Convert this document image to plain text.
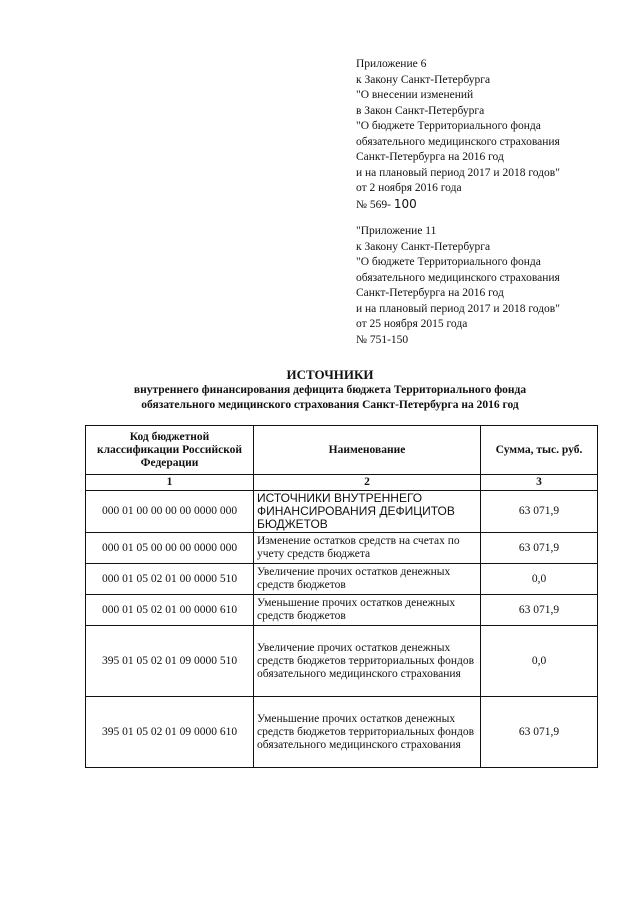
Приложение 6
к Закону Санкт-Петербурга
"О внесении изменений
в Закон Санкт-Петербурга
"О бюджете Территориального фонда
обязательного медицинского страхования
Санкт-Петербурга на 2016 год
и на плановый период 2017 и 2018 годов"
от 2 ноября 2016 года
№ 569- 100
"Приложение 11
к Закону Санкт-Петербурга
"О бюджете Территориального фонда
обязательного медицинского страхования
Санкт-Петербурга на 2016 год
и на плановый период 2017 и 2018 годов"
от 25 ноября 2015 года
№ 751-150
ИСТОЧНИКИ
внутреннего финансирования дефицита бюджета Территориального фонда
обязательного медицинского страхования Санкт-Петербурга на 2016 год
Код бюджетной классификации Российской Федерации	Наименование	Сумма, тыс. руб.
1	2	3
000 01 00 00 00 00 0000 000	ИСТОЧНИКИ ВНУТРЕННЕГО ФИНАНСИРОВАНИЯ ДЕФИЦИТОВ БЮДЖЕТОВ	63 071,9
000 01 05 00 00 00 0000 000	Изменение остатков средств на счетах по учету средств бюджета	63 071,9
000 01 05 02 01 00 0000 510	Увеличение прочих остатков денежных средств бюджетов	0,0
000 01 05 02 01 00 0000 610	Уменьшение прочих остатков денежных средств бюджетов	63 071,9
395 01 05 02 01 09 0000 510	Увеличение прочих остатков денежных средств бюджетов территориальных фондов обязательного медицинского страхования	0,0
395 01 05 02 01 09 0000 610	Уменьшение прочих остатков денежных средств бюджетов территориальных фондов обязательного медицинского страхования	63 071,9
